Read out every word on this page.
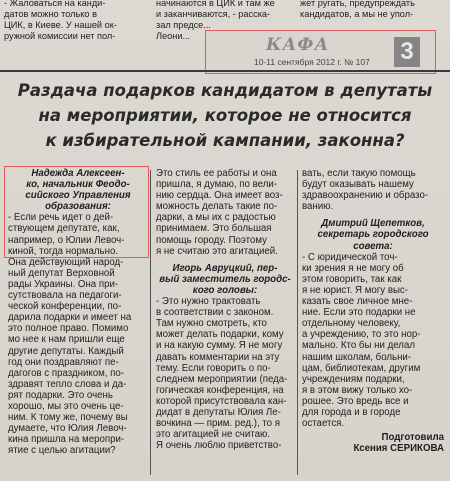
- Жаловаться на канди-
датов можно только в
ЦИК, в Киеве. У нашей ок-
ружной комиссии нет пол-
начинаются в ЦИК и там же
и заканчиваются, - расска-
зал предсе...
Леони...
жет ругать, предупреждать
кандидатов, а мы не упол-
КАФА
10-11 сентября 2012 г. № 107 3
Раздача подарков кандидатом в депутаты
на мероприятии, которое не относится
к избирательной кампании, законна?
Надежда Алексеен-
ко, начальник Феодо-
сийского Управления
образования:
- Если речь идет о дей-
ствующем депутате, как,
например, о Юлии Левоч-
киной, тогда нормально.
Она действующий народ-
ный депутат Верховной
рады Украины. Она при-
сутствовала на педагоги-
ческой конференции, по-
дарила подарки и имеет на
это полное право. Помимо
мо нее к нам пришли еще
другие депутаты. Каждый
год они поздравляют пе-
дагогов с праздником, по-
здравят тепло слова и да-
рят подарки. Это очень
хорошо, мы это очень це-
ним. К тому же, почему вы
думаете, что Юлия Левоч-
кина пришла на меропри-
ятие с целью агитации?
Это стиль ее работы и она
пришла, я думаю, по вели-
нию сердца. Она имеет воз-
можность делать такие по-
дарки, а мы их с радостью
принимаем. Это большая
помощь городу. Поэтому
я не считаю это агитацией.
Игорь Авруцкий, пер-
вый заместитель городс-
кого головы:
- Это нужно трактовать
в соответствии с законом.
Там нужно смотреть, кто
может делать подарки, кому
и на какую сумму. Я не могу
давать комментарии на эту
тему. Если говорить о по-
следнем мероприятии (педа-
гогическая конференция, на
которой присутствовала кан-
дидат в депутаты Юлия Ле-
вочкина — прим. ред.), то я
это агитацией не считаю.
Я очень люблю приветство-
вать, если такую помощь
будут оказывать нашему
здравоохранению и образо-
ванию.
Дмитрий Щепетков,
секретарь городского
совета:
- С юридической точ-
ки зрения я не могу об
этом говорить, так как
я не юрист. Я могу выс-
казать свое личное мне-
ние. Если это подарки не
отдельному человеку,
а учреждению, то это нор-
мально. Кто бы ни делал
нашим школам, больни-
цам, библиотекам, другим
учреждениям подарки,
я в этом вижу только хо-
рошее. Это вредь все и
для города и в городе
остается.
Подготовила
Ксения СЕРИКОВА
